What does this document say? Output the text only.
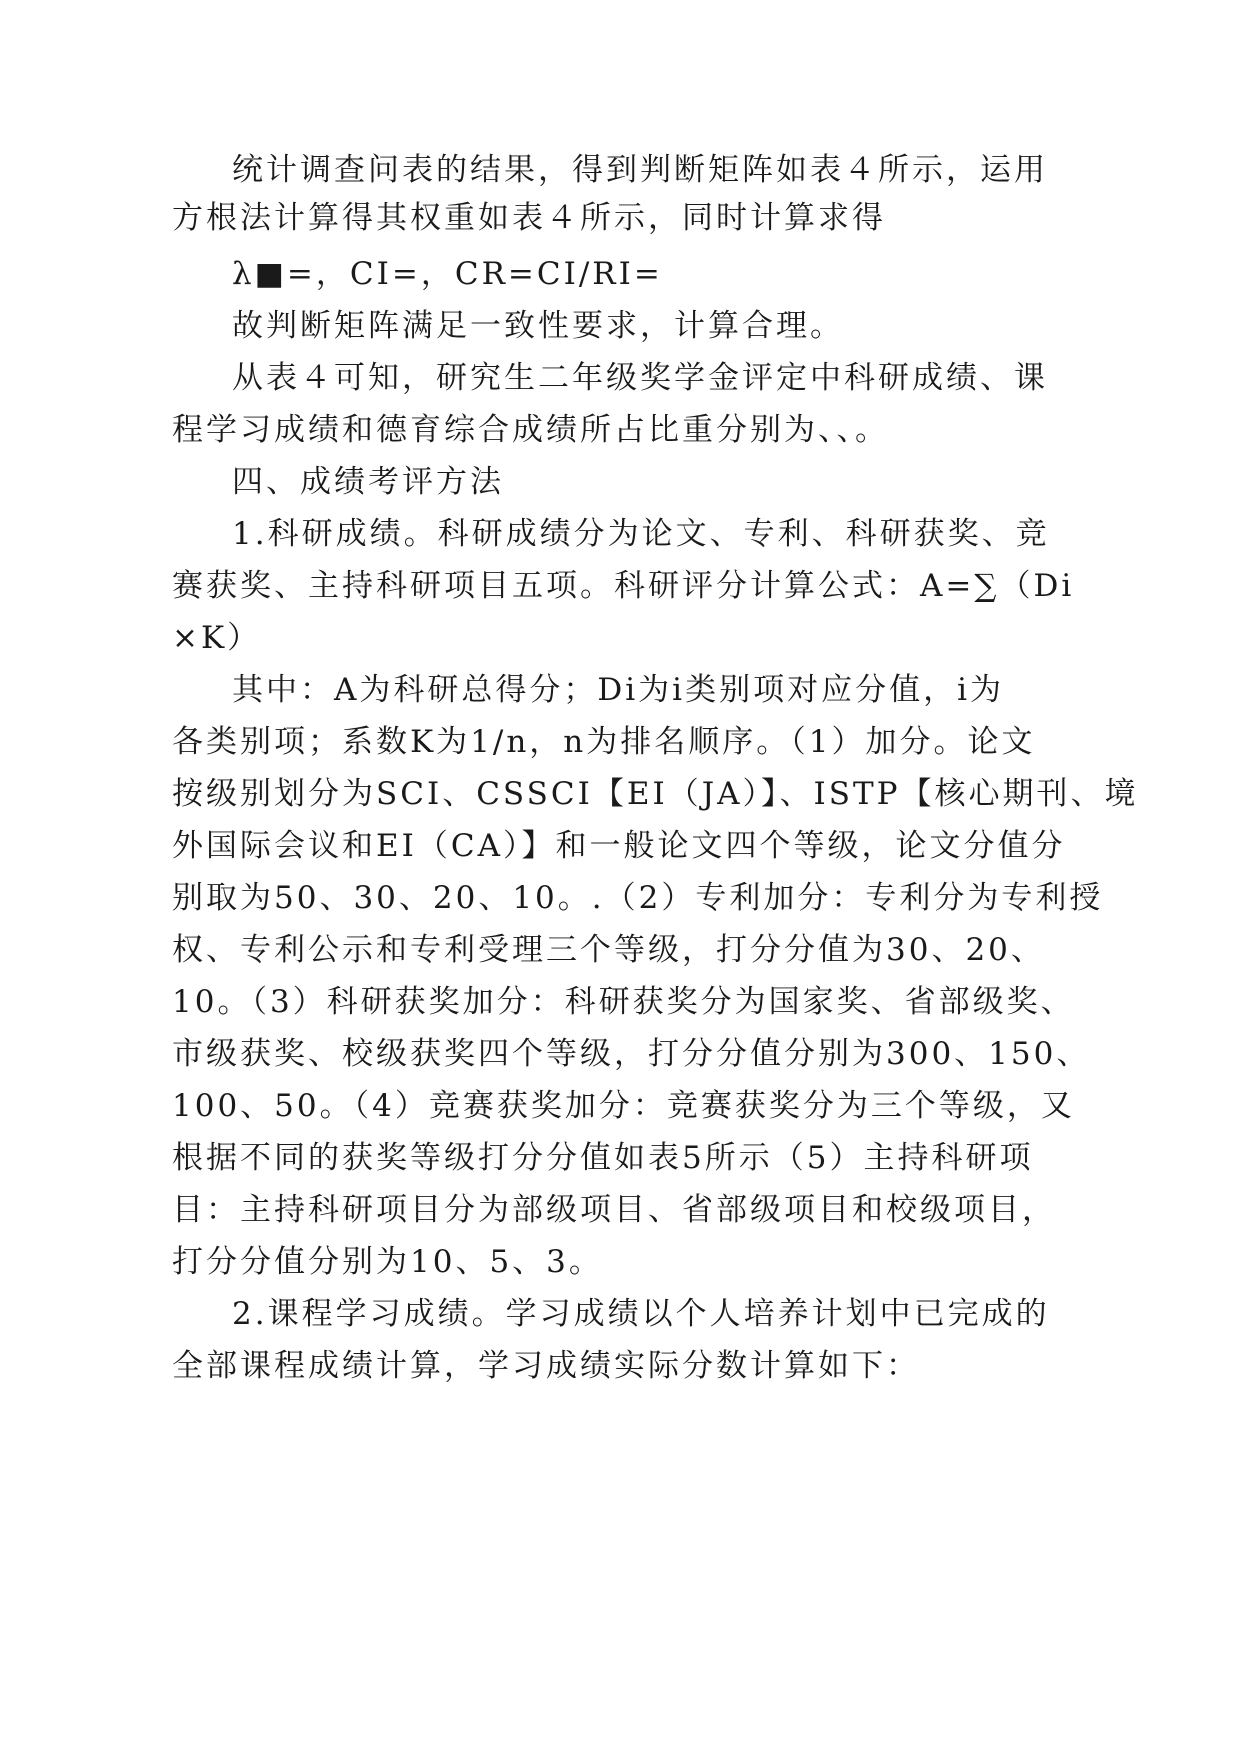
统计调查问表的结果，得到判断矩阵如表４所示，运用
方根法计算得其权重如表４所示，同时计算求得
λ■=，CI=，CR=CI/RI=
故判断矩阵满足一致性要求，计算合理。
从表４可知，研究生二年级奖学金评定中科研成绩、课
程学习成绩和德育综合成绩所占比重分别为、、。
四、成绩考评方法
1.科研成绩。科研成绩分为论文、专利、科研获奖、竞
赛获奖、主持科研项目五项。科研评分计算公式：A=∑（Di
×K）
其中：A为科研总得分；Di为i类别项对应分值，i为
各类别项；系数K为1/n，n为排名顺序。（1）加分。论文
按级别划分为SCI、CSSCI【EI（JA）】、ISTP【核心期刊、境
外国际会议和EI（CA）】和一般论文四个等级，论文分值分
别取为50、30、20、10。.（2）专利加分：专利分为专利授
权、专利公示和专利受理三个等级，打分分值为30、20、
10。（3）科研获奖加分：科研获奖分为国家奖、省部级奖、
市级获奖、校级获奖四个等级，打分分值分别为300、150、
100、50。（4）竞赛获奖加分：竞赛获奖分为三个等级，又
根据不同的获奖等级打分分值如表5所示（5）主持科研项
目：主持科研项目分为部级项目、省部级项目和校级项目，
打分分值分别为10、5、3。
2.课程学习成绩。学习成绩以个人培养计划中已完成的
全部课程成绩计算，学习成绩实际分数计算如下：
